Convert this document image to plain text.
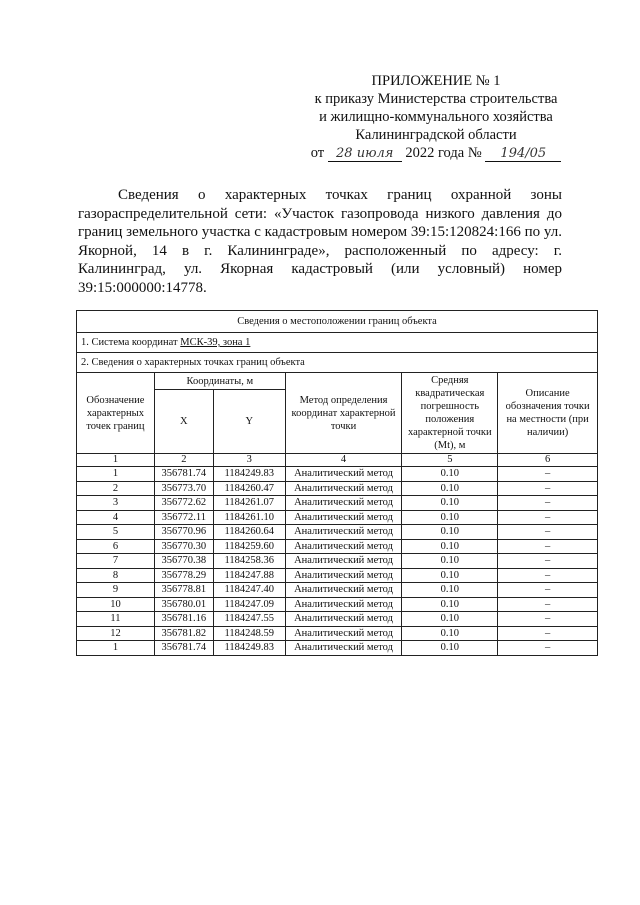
ПРИЛОЖЕНИЕ № 1
к приказу Министерства строительства
и жилищно-коммунального хозяйства
Калининградской области
от 28 июля 2022 года № 194/05
Сведения о характерных точках границ охранной зоны газораспределительной сети: «Участок газопровода низкого давления до границ земельного участка с кадастровым номером 39:15:120824:166 по ул. Якорной, 14 в г. Калининграде», расположенный по адресу: г. Калининград, ул. Якорная кадастровый (или условный) номер 39:15:000000:14778.
Сведения о местоположении границ объекта					
1. Система координат МСК-39, зона 1					
2. Сведения о характерных точках границ объекта					
Обозначение характерных точек границ	Координаты, м		Метод определения координат характерной точки	Средняя квадратическая погрешность положения характерной точки (Mt), м	Описание обозначения точки на местности (при наличии)
	X	Y			
1	2	3	4	5	6
1	356781.74	1184249.83	Аналитический метод	0.10	–
2	356773.70	1184260.47	Аналитический метод	0.10	–
3	356772.62	1184261.07	Аналитический метод	0.10	–
4	356772.11	1184261.10	Аналитический метод	0.10	–
5	356770.96	1184260.64	Аналитический метод	0.10	–
6	356770.30	1184259.60	Аналитический метод	0.10	–
7	356770.38	1184258.36	Аналитический метод	0.10	–
8	356778.29	1184247.88	Аналитический метод	0.10	–
9	356778.81	1184247.40	Аналитический метод	0.10	–
10	356780.01	1184247.09	Аналитический метод	0.10	–
11	356781.16	1184247.55	Аналитический метод	0.10	–
12	356781.82	1184248.59	Аналитический метод	0.10	–
1	356781.74	1184249.83	Аналитический метод	0.10	–
